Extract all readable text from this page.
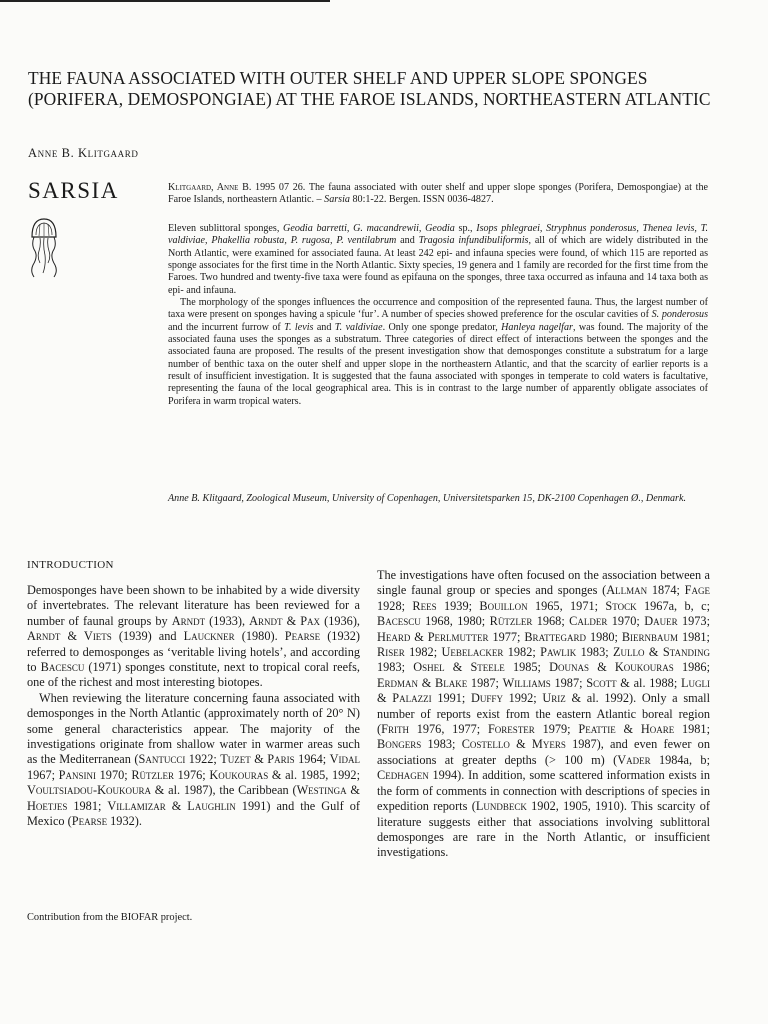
THE FAUNA ASSOCIATED WITH OUTER SHELF AND UPPER SLOPE SPONGES (PORIFERA, DEMOSPONGIAE) AT THE FAROE ISLANDS, NORTHEASTERN ATLANTIC
Anne B. Klitgaard
SARSIA	Klitgaard, Anne B. 1995 07 26. The fauna associated with outer shelf and upper slope sponges (Porifera, Demospongiae) at the Faroe Islands, northeastern Atlantic. – Sarsia 80:1-22. Bergen. ISSN 0036-4827.

Eleven sublittoral sponges, Geodia barretti, G. macandrewii, Geodia sp., Isops phlegraei, Stryphnus ponderosus, Thenea levis, T. valdiviae, Phakellia robusta, P. rugosa, P. ventilabrum and Tragosia infundibuliformis, all of which are widely distributed in the North Atlantic, were examined for associated fauna. At least 242 epi- and infauna species were found, of which 115 are reported as sponge associates for the first time in the North Atlantic. Sixty species, 19 genera and 1 family are recorded for the first time from the Faroes. Two hundred and twenty-five taxa were found as epifauna on the sponges, three taxa occurred as infauna and 14 taxa both as epi- and infauna.

The morphology of the sponges influences the occurrence and composition of the represented fauna. Thus, the largest number of taxa were present on sponges having a spicule ‘fur’. A number of species showed preference for the oscular cavities of S. ponderosus and the incurrent furrow of T. levis and T. valdiviae. Only one sponge predator, Hanleya nagelfar, was found. The majority of the associated fauna uses the sponges as a substratum. Three categories of direct effect of interactions between the sponges and the associated fauna are proposed. The results of the present investigation show that demosponges constitute a substratum for a large number of benthic taxa on the outer shelf and upper slope in the northeastern Atlantic, and that the scarcity of earlier reports is a result of insufficient investigation. It is suggested that the fauna associated with sponges in temperate to cold waters is facultative, representing the fauna of the local geographical area. This is in contrast to the large number of apparently obligate associates of Porifera in warm tropical waters.

Anne B. Klitgaard, Zoological Museum, University of Copenhagen, Universitetsparken 15, DK-2100 Copenhagen Ø., Denmark.
INTRODUCTION

Demosponges have been shown to be inhabited by a wide diversity of invertebrates. The relevant literature has been reviewed for a number of faunal groups by Arndt (1933), Arndt & Pax (1936), Arndt & Viets (1939) and Lauckner (1980). Pearse (1932) referred to demosponges as ‘veritable living hotels’, and according to Bacescu (1971) sponges constitute, next to tropical coral reefs, one of the richest and most interesting biotopes.

When reviewing the literature concerning fauna associated with demosponges in the North Atlantic (approximately north of 20° N) some general characteristics appear. The majority of the investigations originate from shallow water in warmer areas such as the Mediterranean (Santucci 1922; Tuzet & Paris 1964; Vidal 1967; Pansini 1970; Rützler 1976; Koukouras & al. 1985, 1992; Voultsiadou-Koukoura & al. 1987), the Caribbean (Westinga & Hoetjes 1981; Villamizar & Laughlin 1991) and the Gulf of Mexico (Pearse 1932).

The investigations have often focused on the association between a single faunal group or species and sponges (Allman 1874; Fage 1928; Rees 1939; Bouillon 1965, 1971; Stock 1967a, b, c; Bacescu 1968, 1980; Rützler 1968; Calder 1970; Dauer 1973; Heard & Perlmutter 1977; Brattegard 1980; Biernbaum 1981; Riser 1982; Uebelacker 1982; Pawlik 1983; Zullo & Standing 1983; Oshel & Steele 1985; Dounas & Koukouras 1986; Erdman & Blake 1987; Williams 1987; Scott & al. 1988; Lugli & Palazzi 1991; Duffy 1992; Uriz & al. 1992). Only a small number of reports exist from the eastern Atlantic boreal region (Frith 1976, 1977; Forester 1979; Peattie & Hoare 1981; Bongers 1983; Costello & Myers 1987), and even fewer on associations at greater depths (> 100 m) (Vader 1984a, b; Cedhagen 1994). In addition, some scattered information exists in the form of comments in connection with descriptions of species in expedition reports (Lundbeck 1902, 1905, 1910). This scarcity of literature suggests either that associations involving sublittoral demosponges are rare in the North Atlantic, or insufficient investigations.

Contribution from the BIOFAR project.
